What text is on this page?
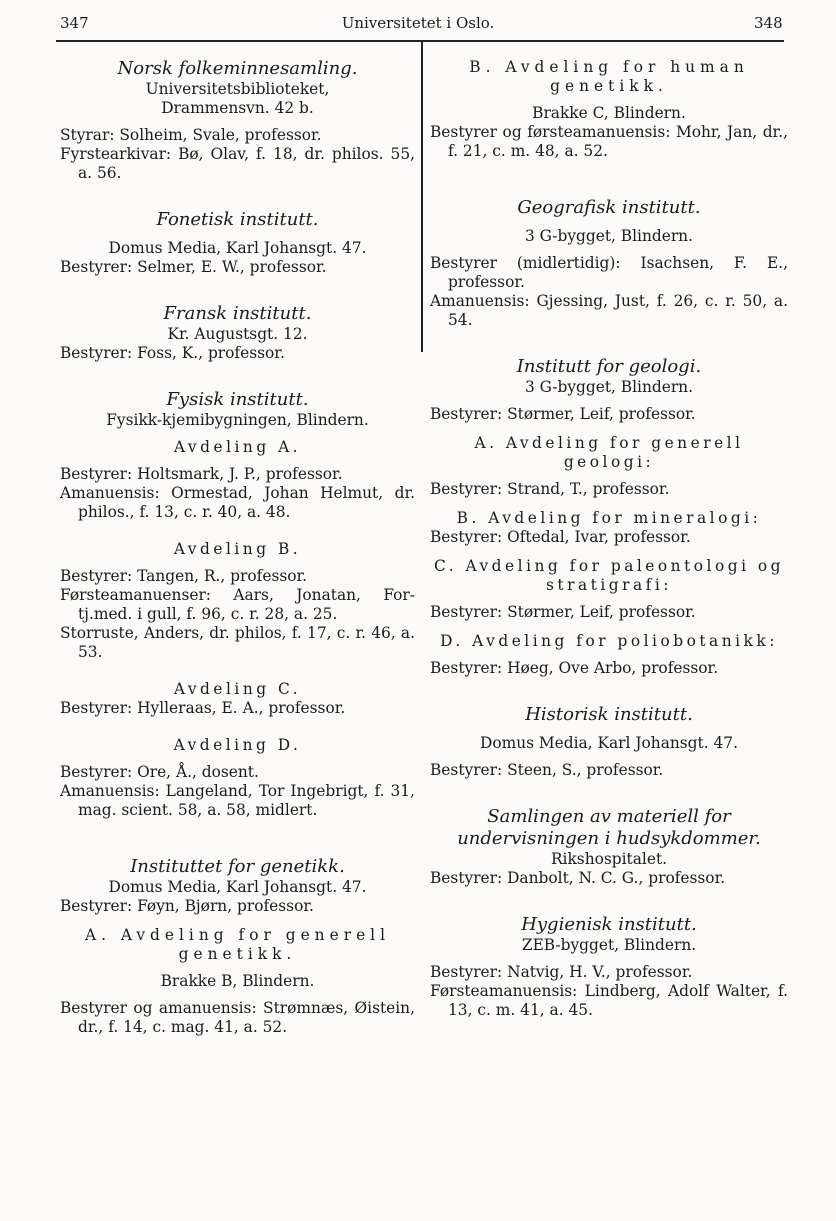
347	Universitetet i Oslo.	348
Norsk folkeminnesamling.
Universitetsbiblioteket,
Drammensvn. 42 b.
Styrar: Solheim, Svale, professor.
Fyrstearkivar: Bø, Olav, f. 18, dr. philos. 55, a. 56.
Fonetisk institutt.
Domus Media, Karl Johansgt. 47.
Bestyrer: Selmer, E. W., professor.
Fransk institutt.
Kr. Augustsgt. 12.
Bestyrer: Foss, K., professor.
Fysisk institutt.
Fysikk-kjemibygningen, Blindern.
Avdeling A.
Bestyrer: Holtsmark, J. P., professor.
Amanuensis: Ormestad, Johan Helmut, dr. philos., f. 13, c. r. 40, a. 48.
Avdeling B.
Bestyrer: Tangen, R., professor.
Førsteamanuenser: Aars, Jonatan, For-tj.med. i gull, f. 96, c. r. 28, a. 25.
Storruste, Anders, dr. philos, f. 17, c. r. 46, a. 53.
Avdeling C.
Bestyrer: Hylleraas, E. A., professor.
Avdeling D.
Bestyrer: Ore, Å., dosent.
Amanuensis: Langeland, Tor Ingebrigt, f. 31, mag. scient. 58, a. 58, midlert.
Instituttet for genetikk.
Domus Media, Karl Johansgt. 47.
Bestyrer: Føyn, Bjørn, professor.
A. Avdeling for generell genetikk.
Brakke B, Blindern.
Bestyrer og amanuensis: Strømnæs, Øistein, dr., f. 14, c. mag. 41, a. 52.
B. Avdeling for human genetikk.
Brakke C, Blindern.
Bestyrer og førsteamanuensis: Mohr, Jan, dr., f. 21, c. m. 48, a. 52.
Geografisk institutt.
3 G-bygget, Blindern.
Bestyrer (midlertidig): Isachsen, F. E., professor.
Amanuensis: Gjessing, Just, f. 26, c. r. 50, a. 54.
Institutt for geologi.
3 G-bygget, Blindern.
Bestyrer: Størmer, Leif, professor.
A. Avdeling for generell geologi:
Bestyrer: Strand, T., professor.
B. Avdeling for mineralogi:
Bestyrer: Oftedal, Ivar, professor.
C. Avdeling for paleontologi og stratigrafi:
Bestyrer: Størmer, Leif, professor.
D. Avdeling for poliobotanikk:
Bestyrer: Høeg, Ove Arbo, professor.
Historisk institutt.
Domus Media, Karl Johansgt. 47.
Bestyrer: Steen, S., professor.
Samlingen av materiell for undervisningen i hudsykdommer.
Rikshospitalet.
Bestyrer: Danbolt, N. C. G., professor.
Hygienisk institutt.
ZEB-bygget, Blindern.
Bestyrer: Natvig, H. V., professor.
Førsteamanuensis: Lindberg, Adolf Walter, f. 13, c. m. 41, a. 45.
